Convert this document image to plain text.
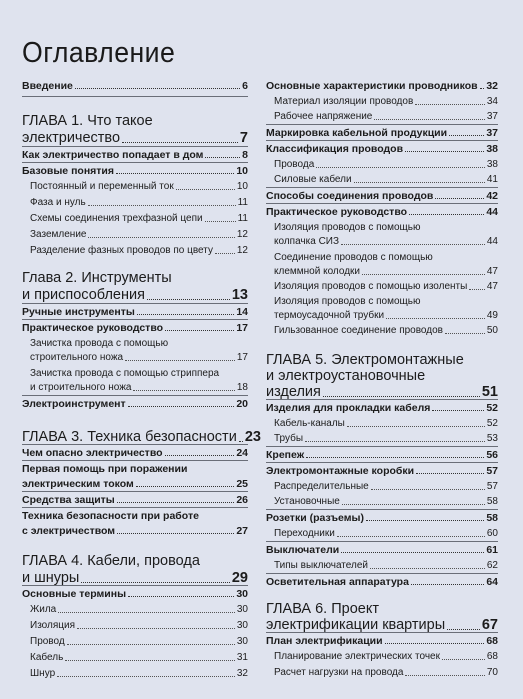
Оглавление
Введение	6
ГЛАВА 1. Что такое
электричество	7
Как электричество попадает в дом	8
Базовые понятия	10
Постоянный и переменный ток	10
Фаза и нуль	11
Схемы соединения трехфазной цепи	11
Заземление	12
Разделение фазных проводов по цвету 12
Глава 2. Инструменты
и приспособления	13
Ручные инструменты	14
Практическое руководство	17
Зачистка провода с помощью
строительного ножа	17
Зачистка провода с помощью стриппера
и строительного ножа	18
Электроинструмент	20
ГЛАВА 3. Техника безопасности 23
Чем опасно электричество	24
Первая помощь при поражении
электрическим током	25
Средства защиты	26
Техника безопасности при работе
с электричеством	27
ГЛАВА 4. Кабели, провода
и шнуры	29
Основные термины	30
Жила	30
Изоляция	30
Провод	30
Кабель	31
Шнур	32
Основные характеристики проводников 32
Материал изоляции проводов	34
Рабочее напряжение	37
Маркировка кабельной продукции	37
Классификация проводов	38
Провода	38
Силовые кабели	41
Способы соединения проводов	42
Практическое руководство	44
Изоляция проводов с помощью
колпачка СИЗ	44
Соединение проводов с помощью
клеммной колодки	47
Изоляция проводов с помощью изоленты 47
Изоляция проводов с помощью
термоусадочной трубки	49
Гильзованное соединение проводов	50
ГЛАВА 5. Электромонтажные
и электроустановочные
изделия	51
Изделия для прокладки кабеля	52
Кабель-каналы	52
Трубы	53
Крепеж	56
Электромонтажные коробки	57
Распределительные	57
Установочные	58
Розетки (разъемы)	58
Переходники	60
Выключатели	61
Типы выключателей	62
Осветительная аппаратура	64
ГЛАВА 6. Проект
электрификации квартиры	67
План электрификации	68
Планирование электрических точек	68
Расчет нагрузки на провода	70
